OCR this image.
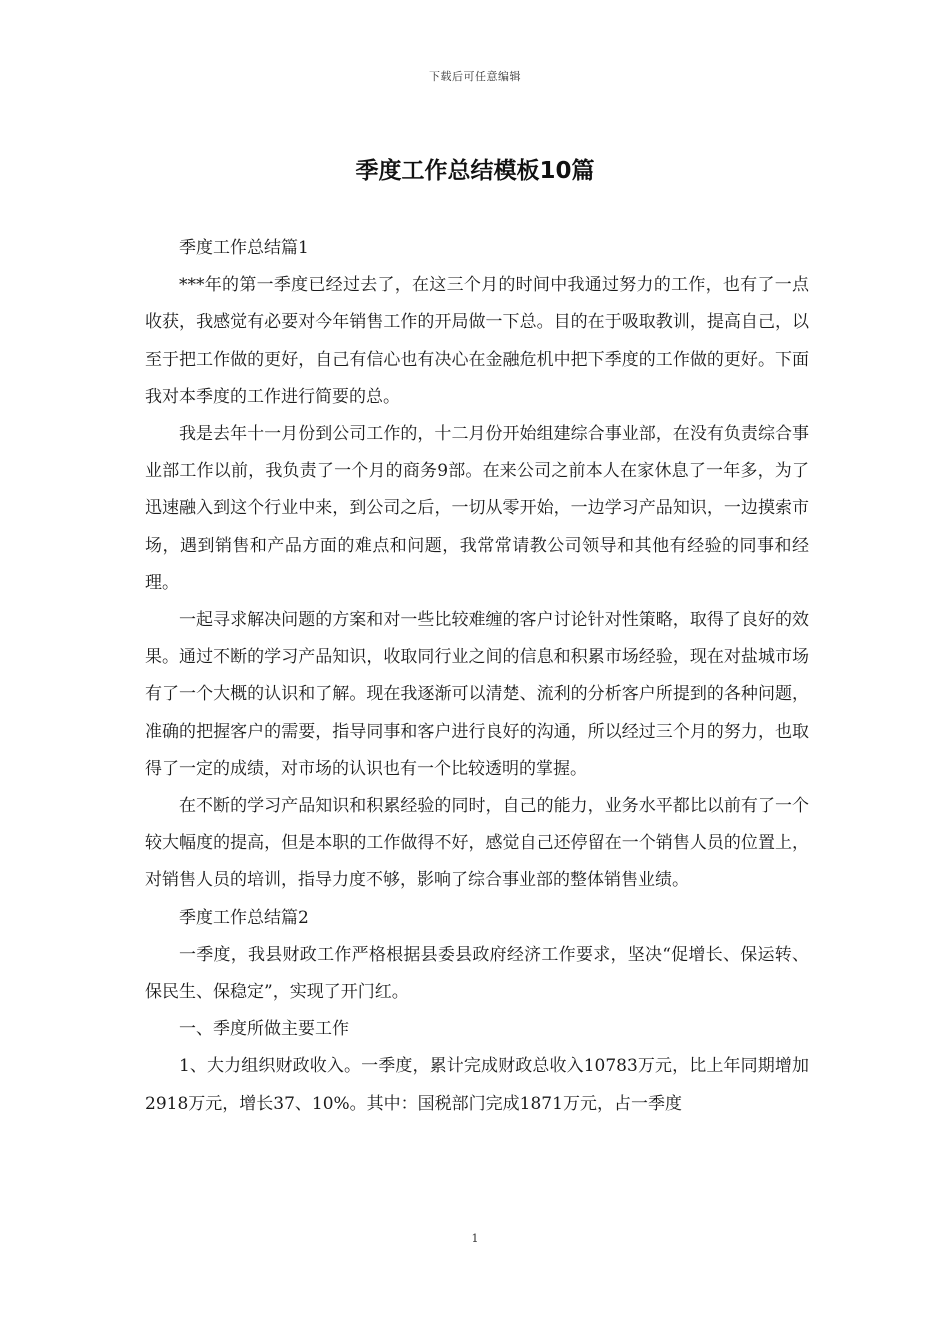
下载后可任意编辑
季度工作总结模板10篇

季度工作总结篇1

***年的第一季度已经过去了，在这三个月的时间中我通过努力的工作，也有了一点收获，我感觉有必要对今年销售工作的开局做一下总。目的在于吸取教训，提高自己，以至于把工作做的更好，自己有信心也有决心在金融危机中把下季度的工作做的更好。下面我对本季度的工作进行简要的总。

我是去年十一月份到公司工作的，十二月份开始组建综合事业部，在没有负责综合事业部工作以前，我负责了一个月的商务9部。在来公司之前本人在家休息了一年多，为了迅速融入到这个行业中来，到公司之后，一切从零开始，一边学习产品知识，一边摸索市场，遇到销售和产品方面的难点和问题，我常常请教公司领导和其他有经验的同事和经理。

一起寻求解决问题的方案和对一些比较难缠的客户讨论针对性策略，取得了良好的效果。通过不断的学习产品知识，收取同行业之间的信息和积累市场经验，现在对盐城市场有了一个大概的认识和了解。现在我逐渐可以清楚、流利的分析客户所提到的各种问题，准确的把握客户的需要，指导同事和客户进行良好的沟通，所以经过三个月的努力，也取得了一定的成绩，对市场的认识也有一个比较透明的掌握。

在不断的学习产品知识和积累经验的同时，自己的能力，业务水平都比以前有了一个较大幅度的提高，但是本职的工作做得不好，感觉自己还停留在一个销售人员的位置上，对销售人员的培训，指导力度不够，影响了综合事业部的整体销售业绩。

季度工作总结篇2

一季度，我县财政工作严格根据县委县政府经济工作要求，坚决“促增长、保运转、保民生、保稳定”，实现了开门红。

一、季度所做主要工作

1、大力组织财政收入。一季度，累计完成财政总收入10783万元，比上年同期增加2918万元，增长37、10%。其中：国税部门完成1871万元，占一季度

1
